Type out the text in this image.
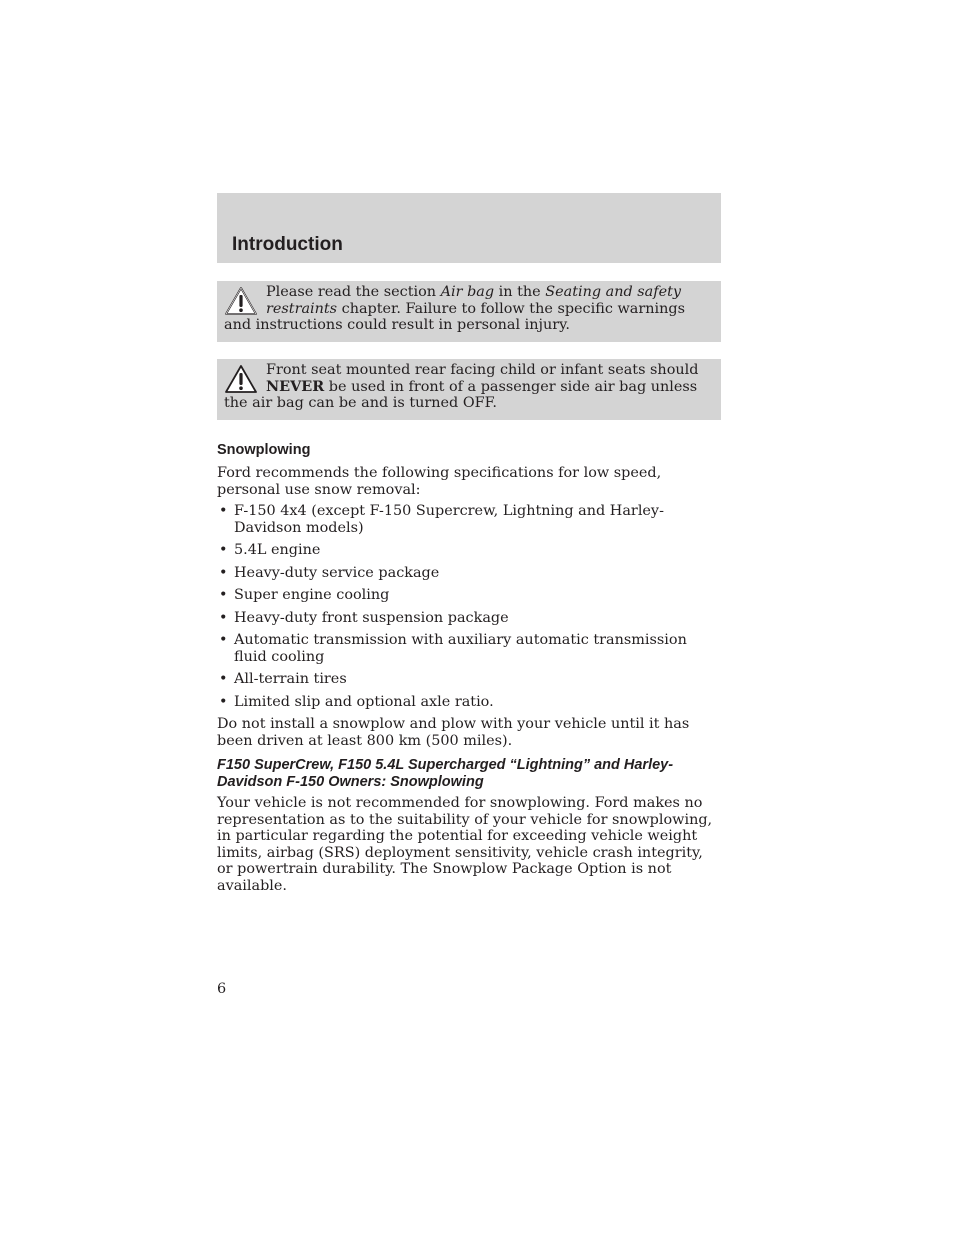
Introduction

Please read the section Air bag in the Seating and safety restraints chapter. Failure to follow the specific warnings and instructions could result in personal injury.

Front seat mounted rear facing child or infant seats should NEVER be used in front of a passenger side air bag unless the air bag can be and is turned OFF.

Snowplowing

Ford recommends the following specifications for low speed, personal use snow removal:

• F-150 4x4 (except F-150 Supercrew, Lightning and Harley-Davidson models)
• 5.4L engine
• Heavy-duty service package
• Super engine cooling
• Heavy-duty front suspension package
• Automatic transmission with auxiliary automatic transmission fluid cooling
• All-terrain tires
• Limited slip and optional axle ratio.

Do not install a snowplow and plow with your vehicle until it has been driven at least 800 km (500 miles).

F150 SuperCrew, F150 5.4L Supercharged “Lightning” and Harley-Davidson F-150 Owners: Snowplowing

Your vehicle is not recommended for snowplowing. Ford makes no representation as to the suitability of your vehicle for snowplowing, in particular regarding the potential for exceeding vehicle weight limits, airbag (SRS) deployment sensitivity, vehicle crash integrity, or powertrain durability. The Snowplow Package Option is not available.

6
